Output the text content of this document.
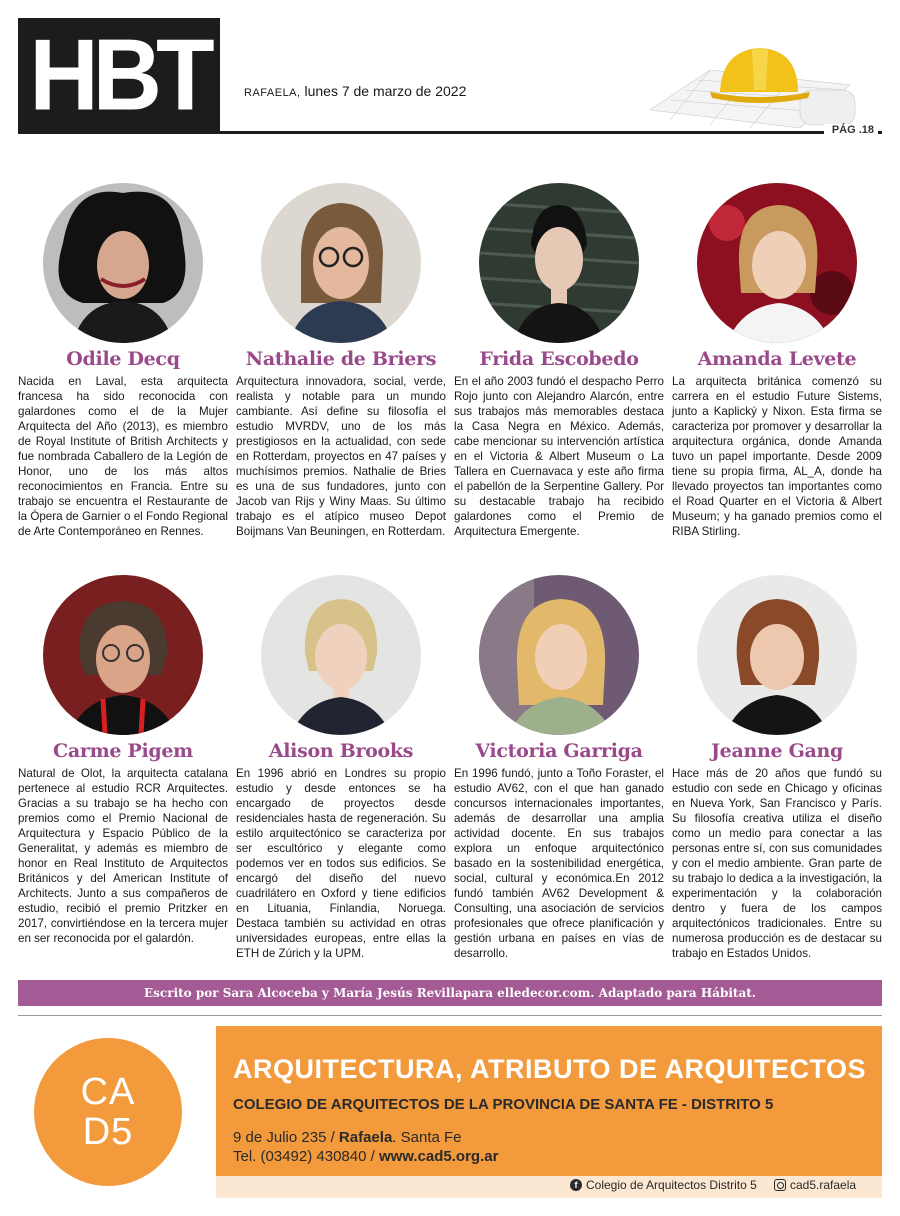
HBT	RAFAELA, lunes 7 de marzo de 2022
PÁG .18
Odile Decq
Nacida en Laval, esta arquitecta francesa ha sido reconocida con galardones como el de la Mujer Arquitecta del Año (2013), es miembro de Royal Institute of British Architects y fue nombrada Caballero de la Legión de Honor, uno de los más altos reconocimientos en Francia. Entre su trabajo se encuentra el Restaurante de la Ópera de Garnier o el Fondo Regional de Arte Contemporáneo en Rennes.
Nathalie de Briers
Arquitectura innovadora, social, verde, realista y notable para un mundo cambiante. Así define su filosofía el estudio MVRDV, uno de los más prestigiosos en la actualidad, con sede en Rotterdam, proyectos en 47 países y muchísimos premios. Nathalie de Bries es una de sus fundadores, junto con Jacob van Rijs y Winy Maas. Su último trabajo es el atípico museo Depot Boijmans Van Beuningen, en Rotterdam.
Frida Escobedo
En el año 2003 fundó el despacho Perro Rojo junto con Alejandro Alarcón, entre sus trabajos más memorables destaca la Casa Negra en México. Además, cabe mencionar su intervención artística en el Victoria & Albert Museum o La Tallera en Cuernavaca y este año firma el pabellón de la Serpentine Gallery. Por su destacable trabajo ha recibido galardones como el Premio de Arquitectura Emergente.
Amanda Levete
La arquitecta británica comenzó su carrera en el estudio Future Sistems, junto a Kaplický y Nixon. Esta firma se caracteriza por promover y desarrollar la arquitectura orgánica, donde Amanda tuvo un papel importante. Desde 2009 tiene su propia firma, AL_A, donde ha llevado proyectos tan importantes como el Road Quarter en el Victoria & Albert Museum; y ha ganado premios como el RIBA Stirling.
Carme Pigem
Natural de Olot, la arquitecta catalana pertenece al estudio RCR Arquitectes. Gracias a su trabajo se ha hecho con premios como el Premio Nacional de Arquitectura y Espacio Público de la Generalitat, y además es miembro de honor en Real Instituto de Arquitectos Británicos y del American Institute of Architects. Junto a sus compañeros de estudio, recibió el premio Pritzker en 2017, convirtiéndose en la tercera mujer en ser reconocida por el galardón.
Alison Brooks
En 1996 abrió en Londres su propio estudio y desde entonces se ha encargado de proyectos desde residenciales hasta de regeneración. Su estilo arquitectónico se caracteriza por ser escultórico y elegante como podemos ver en todos sus edificios. Se encargó del diseño del nuevo cuadrilátero en Oxford y tiene edificios en Lituania, Finlandia, Noruega. Destaca también su actividad en otras universidades europeas, entre ellas la ETH de Zúrich y la UPM.
Victoria Garriga
En 1996 fundó, junto a Toño Foraster, el estudio AV62, con el que han ganado concursos internacionales importantes, además de desarrollar una amplia actividad docente. En sus trabajos explora un enfoque arquitectónico basado en la sostenibilidad energética, social, cultural y económica.En 2012 fundó también AV62 Development & Consulting, una asociación de servicios profesionales que ofrece planificación y gestión urbana en países en vías de desarrollo.
Jeanne Gang
Hace más de 20 años que fundó su estudio con sede en Chicago y oficinas en Nueva York, San Francisco y París. Su filosofía creativa utiliza el diseño como un medio para conectar a las personas entre sí, con sus comunidades y con el medio ambiente. Gran parte de su trabajo lo dedica a la investigación, la experimentación y la colaboración dentro y fuera de los campos arquitectónicos tradicionales. Entre su numerosa producción es de destacar su trabajo en Estados Unidos.
Escrito por Sara Alcoceba y María Jesús Revillapara elledecor.com. Adaptado para Hábitat.
CA
D5
ARQUITECTURA, ATRIBUTO DE ARQUITECTOS
COLEGIO DE ARQUITECTOS DE LA PROVINCIA DE SANTA FE - DISTRITO 5
9 de Julio 235 / Rafaela. Santa Fe
Tel. (03492) 430840 / www.cad5.org.ar
f Colegio de Arquitectos Distrito 5	cad5.rafaela
